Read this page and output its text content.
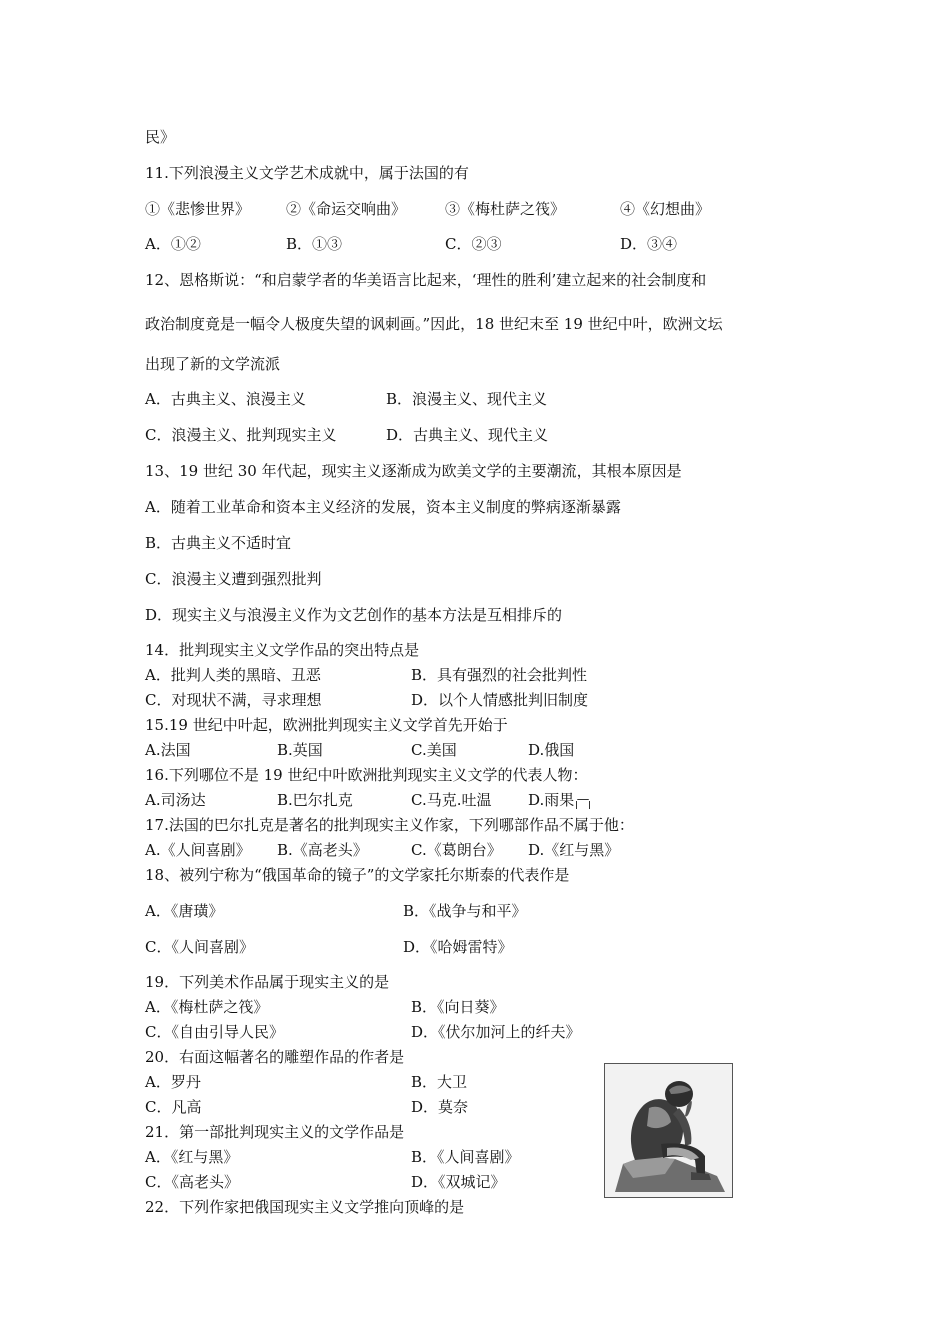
民》
11.下列浪漫主义文学艺术成就中，属于法国的有
①《悲惨世界》 ②《命运交响曲》	③《梅杜萨之筏》	④《幻想曲》
A．①②	B．①③	C．②③	D．③④
12、恩格斯说：“和启蒙学者的华美语言比起来，‘理性的胜利’建立起来的社会制度和
政治制度竟是一幅令人极度失望的讽刺画。”因此，18 世纪末至 19 世纪中叶，欧洲文坛
出现了新的文学流派
A．古典主义、浪漫主义	B．浪漫主义、现代主义
C．浪漫主义、批判现实主义	D．古典主义、现代主义
13、19 世纪 30 年代起，现实主义逐渐成为欧美文学的主要潮流，其根本原因是
A．随着工业革命和资本主义经济的发展，资本主义制度的弊病逐渐暴露
B．古典主义不适时宜
C．浪漫主义遭到强烈批判
D．现实主义与浪漫主义作为文艺创作的基本方法是互相排斥的
14．批判现实主义文学作品的突出特点是
A．批判人类的黑暗、丑恶	B．具有强烈的社会批判性
C．对现状不满，寻求理想	D．以个人情感批判旧制度
15.19 世纪中叶起，欧洲批判现实主义文学首先开始于
A.法国	B.英国	C.美国	D.俄国
16.下列哪位不是 19 世纪中叶欧洲批判现实主义文学的代表人物：
A.司汤达	B.巴尔扎克	C.马克.吐温 D.雨果
17.法国的巴尔扎克是著名的批判现实主义作家，下列哪部作品不属于他：
A.《人间喜剧》 B.《高老头》	C.《葛朗台》 D.《红与黑》
18、被列宁称为“俄国革命的镜子”的文学家托尔斯泰的代表作是
A．《唐璜》	B．《战争与和平》
C．《人间喜剧》	D．《哈姆雷特》
19．下列美术作品属于现实主义的是
A．《梅杜萨之筏》	B．《向日葵》
C．《自由引导人民》	D．《伏尔加河上的纤夫》
20．右面这幅著名的雕塑作品的作者是
A．罗丹	B．大卫
C．凡高	D．莫奈
21．第一部批判现实主义的文学作品是
A．《红与黑》	B．《人间喜剧》
C．《高老头》	D．《双城记》
22．下列作家把俄国现实主义文学推向顶峰的是
